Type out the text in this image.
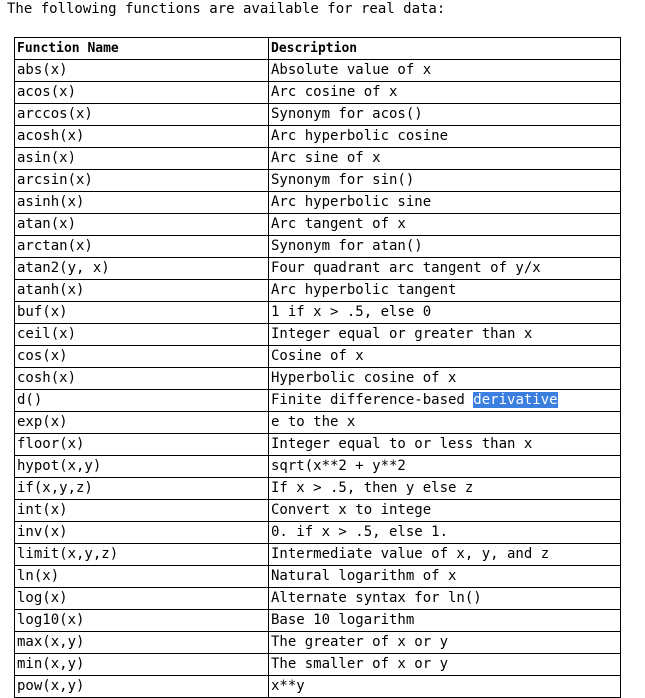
The following functions are available for real data:
Function Name	Description
abs(x)	Absolute value of x
acos(x)	Arc cosine of x
arccos(x)	Synonym for acos()
acosh(x)	Arc hyperbolic cosine
asin(x)	Arc sine of x
arcsin(x)	Synonym for sin()
asinh(x)	Arc hyperbolic sine
atan(x)	Arc tangent of x
arctan(x)	Synonym for atan()
atan2(y, x)	Four quadrant arc tangent of y/x
atanh(x)	Arc hyperbolic tangent
buf(x)	1 if x > .5, else 0
ceil(x)	Integer equal or greater than x
cos(x)	Cosine of x
cosh(x)	Hyperbolic cosine of x
d()	Finite difference-based derivative
exp(x)	e to the x
floor(x)	Integer equal to or less than x
hypot(x,y)	sqrt(x**2 + y**2
if(x,y,z)	If x > .5, then y else z
int(x)	Convert x to intege
inv(x)	0. if x > .5, else 1.
limit(x,y,z)	Intermediate value of x, y, and z
ln(x)	Natural logarithm of x
log(x)	Alternate syntax for ln()
log10(x)	Base 10 logarithm
max(x,y)	The greater of x or y
min(x,y)	The smaller of x or y
pow(x,y)	x**y
